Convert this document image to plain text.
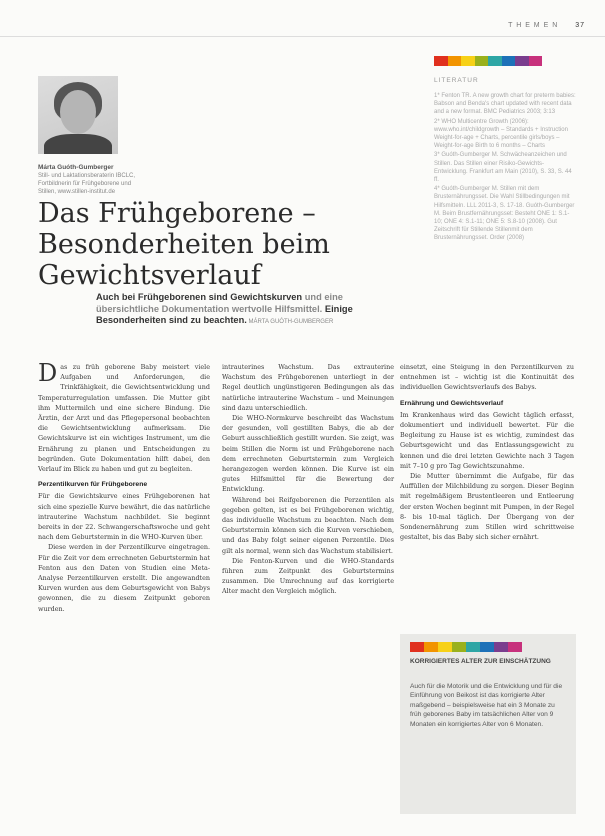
T H E M E N 37
LITERATUR

1* Fenton TR. A new growth chart for preterm babies: Babson and Benda's chart updated with recent data and a new format. BMC Pediatrics 2003; 3:13

2* WHO Multicentre Growth (2006): www.who.int/childgrowth – Standards + Instruction Weight-for-age + Charts, percentile girls/boys – Weight-for-age Birth to 6 months – Charts

3* Guóth-Gumberger M. Schwächeanzeichen und Stillen. Das Stillen einer Risiko-Gewichts-Entwicklung. Frankfurt am Main (2010), S. 33, S. 44 ff.

4* Guóth-Gumberger M. Stillen mit dem Brusternährungsset. Die Wahl Stillbedingungen mit Hilfsmitteln. LLL 2011-3, S. 17-18. Guóth-Gumberger M. Beim Brustfernährungsset: Besteht ONE 1: S.1-10; ONE 4: S.1-11; ONE 5: S.8-10 (2008). Gut Zeitschrift für Stillende Stillenmit dem Brusternährungsset. Order (2008)

Márta Guóth-Gumberger
Still- und Laktationsberaterin IBCLC, Fortbildnerin für Frühgeborene und Stillen, www.stillen-institut.de
Das Frühgeborene – Besonderheiten beim Gewichtsverlauf

Auch bei Frühgeborenen sind Gewichtskurven und eine übersichtliche Dokumentation wertvolle Hilfsmittel. Einige Besonderheiten sind zu beachten. MÁRTA GUÓTH-GUMBERGER

Das zu früh geborene Baby meistert viele Aufgaben und Anforderungen, die Trinkfähigkeit, die Gewichtsentwicklung und Temperaturregulation umfassen. Die Mutter gibt ihm Muttermilch und eine sichere Bindung. Die Ärztin, der Arzt und das Pflegepersonal beobachten die Gewichtsentwicklung aufmerksam. Die Gewichtskurve ist ein wichtiges Instrument, um die Ernährung zu planen und Entscheidungen zu begründen. Gute Dokumentation hilft dabei, den Verlauf im Blick zu haben und gut zu begleiten.

Perzentilkurven für Frühgeborene

Für die Gewichtskurve eines Frühgeborenen hat sich eine spezielle Kurve bewährt, die das natürliche intrauterine Wachstum nachbildet. Sie beginnt bereits in der 22. Schwangerschaftswoche und geht nach dem Geburtstermin in die WHO-Kurven über.

Diese werden in der Perzentilkurve eingetragen. Für die Zeit vor dem errechneten Geburtstermin hat Fenton aus den Daten von Studien eine Meta-Analyse Perzentilkurven erstellt. Die angewandten Kurven wurden aus dem Geburtsgewicht von Babys gewonnen, die zu diesem Zeitpunkt geboren wurden.

intrauterines Wachstum. Das extrauterine Wachstum des Frühgeborenen unterliegt in der Regel deutlich ungünstigeren Bedingungen als das natürliche intrauterine Wachstum – und Meinungen sind dazu unterschiedlich.

Die WHO-Normkurve beschreibt das Wachstum der gesunden, voll gestillten Babys, die ab der Geburt ausschließlich gestillt wurden. Sie zeigt, was beim Stillen die Norm ist und Frühgeborene nach dem errechneten Geburtstermin zum Vergleich herangezogen werden können. Die Kurve ist ein gutes Hilfsmittel für die Bewertung der Entwicklung.

Während bei Reifgeborenen die Perzentilen als gegeben gelten, ist es bei Frühgeborenen wichtig, das individuelle Wachstum zu beachten. Nach dem Geburtstermin können sich die Kurven verschieben, und das Baby folgt seiner eigenen Perzentile. Dies gilt als normal, wenn sich das Wachstum stabilisiert.

Die Fenton-Kurven und die WHO-Standards führen zum Zeitpunkt des Geburtstermins zusammen. Die Umrechnung auf das korrigierte Alter macht den Vergleich möglich.

einsetzt, eine Steigung in den Perzentilkurven zu entnehmen ist – wichtig ist die Kontinuität des individuellen Gewichtsverlaufs des Babys.

Ernährung und Gewichtsverlauf

Im Krankenhaus wird das Gewicht täglich erfasst, dokumentiert und individuell bewertet. Für die Begleitung zu Hause ist es wichtig, zumindest das Geburtsgewicht und das Entlassungsgewicht zu kennen und die drei letzten Gewichte nach 3 Tagen mit 7–10 g pro Tag Gewichtszunahme.

Die Mutter übernimmt die Aufgabe, für das Auffüllen der Milchbildung zu sorgen. Dieser Beginn mit regelmäßigem Brustentleeren und Entleerung der ersten Wochen beginnt mit Pumpen, in der Regel 8- bis 10-mal täglich. Der Übergang von der Sondenernährung zum Stillen wird schrittweise gestaltet, bis das Baby sich sicher ernährt.

KORRIGIERTES ALTER ZUR EINSCHÄTZUNG
Auch für die Motorik und die Entwicklung und für die Einführung von Beikost ist das korrigierte Alter maßgebend – beispielsweise hat ein 3 Monate zu früh geborenes Baby im tatsächlichen Alter von 9 Monaten ein korrigiertes Alter von 6 Monaten.
